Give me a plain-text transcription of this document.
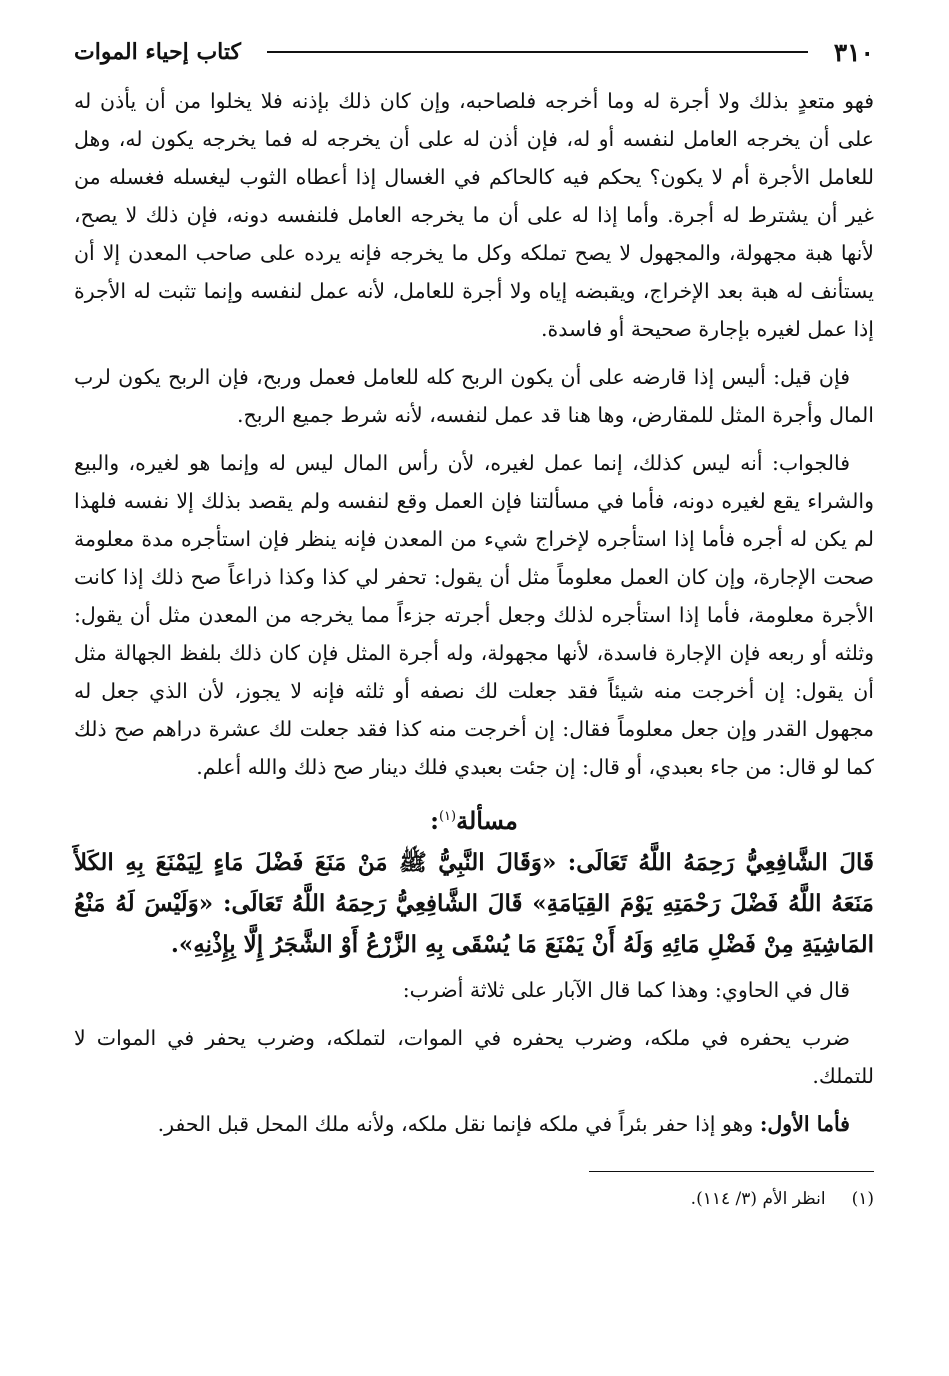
٣١٠
كتاب إحياء الموات

فهو متعدٍ بذلك ولا أجرة له وما أخرجه فلصاحبه، وإن كان ذلك بإذنه فلا يخلوا من أن يأذن له على أن يخرجه العامل لنفسه أو له، فإن أذن له على أن يخرجه له فما يخرجه يكون له، وهل للعامل الأجرة أم لا يكون؟ يحكم فيه كالحاكم في الغسال إذا أعطاه الثوب ليغسله فغسله من غير أن يشترط له أجرة. وأما إذا له على أن ما يخرجه العامل فلنفسه دونه، فإن ذلك لا يصح، لأنها هبة مجهولة، والمجهول لا يصح تملكه وكل ما يخرجه فإنه يرده على صاحب المعدن إلا أن يستأنف له هبة بعد الإخراج، ويقبضه إياه ولا أجرة للعامل، لأنه عمل لنفسه وإنما تثبت له الأجرة إذا عمل لغيره بإجارة صحيحة أو فاسدة.

فإن قيل: أليس إذا قارضه على أن يكون الربح كله للعامل فعمل وربح، فإن الربح يكون لرب المال وأجرة المثل للمقارض، وها هنا قد عمل لنفسه، لأنه شرط جميع الربح.

فالجواب: أنه ليس كذلك، إنما عمل لغيره، لأن رأس المال ليس له وإنما هو لغيره، والبيع والشراء يقع لغيره دونه، فأما في مسألتنا فإن العمل وقع لنفسه ولم يقصد بذلك إلا نفسه فلهذا لم يكن له أجره فأما إذا استأجره لإخراج شيء من المعدن فإنه ينظر فإن استأجره مدة معلومة صحت الإجارة، وإن كان العمل معلوماً مثل أن يقول: تحفر لي كذا وكذا ذراعاً صح ذلك إذا كانت الأجرة معلومة، فأما إذا استأجره لذلك وجعل أجرته جزءاً مما يخرجه من المعدن مثل أن يقول: وثلثه أو ربعه فإن الإجارة فاسدة، لأنها مجهولة، وله أجرة المثل فإن كان ذلك بلفظ الجهالة مثل أن يقول: إن أخرجت منه شيئاً فقد جعلت لك نصفه أو ثلثه فإنه لا يجوز، لأن الذي جعل له مجهول القدر وإن جعل معلوماً فقال: إن أخرجت منه كذا فقد جعلت لك عشرة دراهم صح ذلك كما لو قال: من جاء بعبدي، أو قال: إن جئت بعبدي فلك دينار صح ذلك والله أعلم.

مسألة$^{(١)}$:

قَالَ الشَّافِعِيُّ رَحِمَهُ اللَّهُ تَعَالَى: «وَقَالَ النَّبِيُّ ﷺ مَنْ مَنَعَ فَضْلَ مَاءٍ لِيَمْنَعَ بِهِ الكَلأَ مَنَعَهُ اللَّهُ فَضْلَ رَحْمَتِهِ يَوْمَ القِيَامَةِ» قَالَ الشَّافِعِيُّ رَحِمَهُ اللَّهُ تَعَالَى: «وَلَيْسَ لَهُ مَنْعُ المَاشِيَةِ مِنْ فَضْلِ مَائِهِ وَلَهُ أَنْ يَمْنَعَ مَا يُسْقَى بِهِ الزَّرْعُ أَوْ الشَّجَرُ إِلَّا بِإِذْنِهِ».

قال في الحاوي: وهذا كما قال الآبار على ثلاثة أضرب:

ضرب يحفره في ملكه، وضرب يحفره في الموات، لتملكه، وضرب يحفر في الموات لا للتملك.

فأما الأول: وهو إذا حفر بئراً في ملكه فإنما نقل ملكه، ولأنه ملك المحل قبل الحفر.

(١)
انظر الأم (٣/ ١١٤).
